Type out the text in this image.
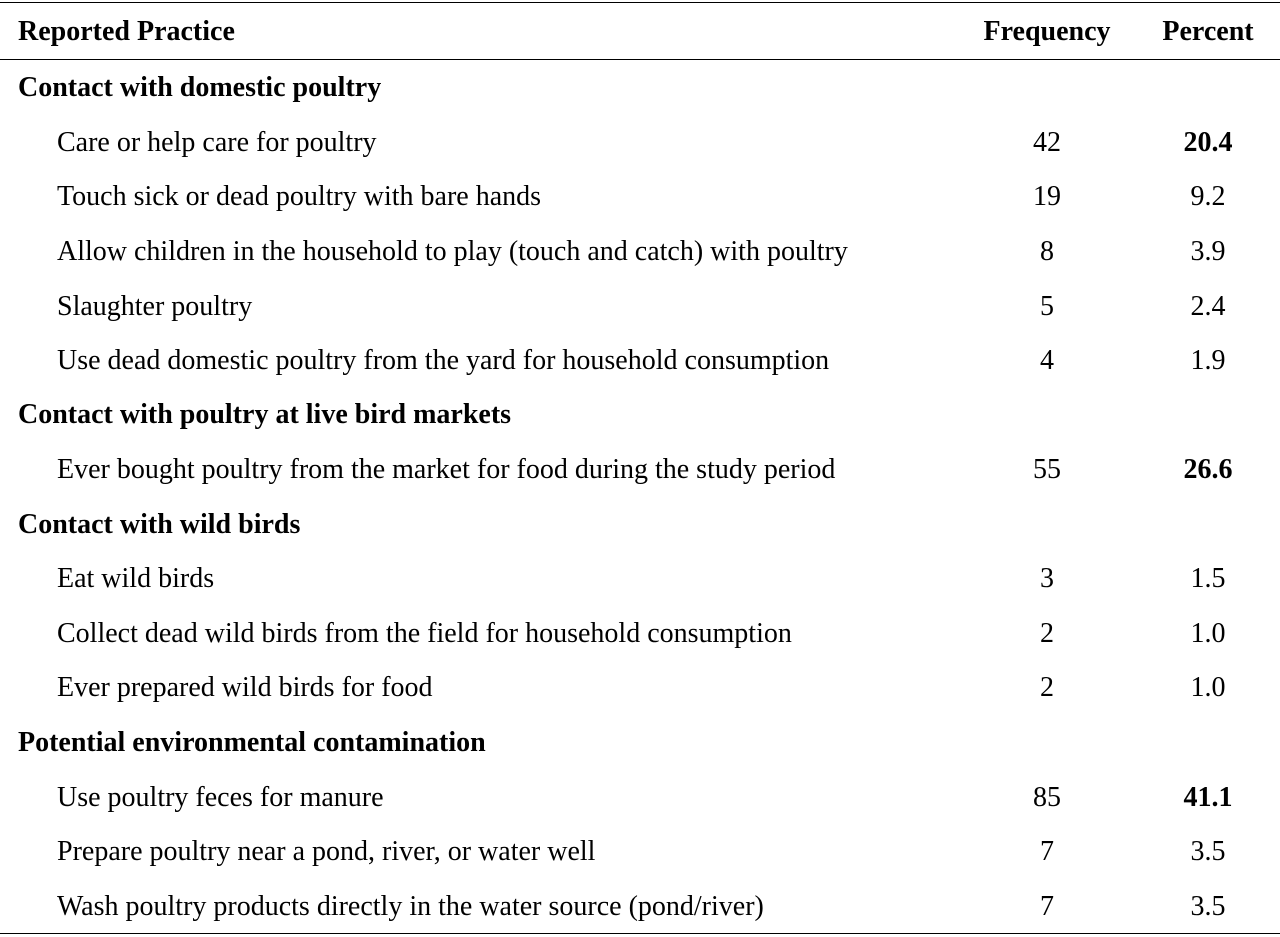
Reported Practice	Frequency	Percent
Contact with domestic poultry
Care or help care for poultry	42	20.4
Touch sick or dead poultry with bare hands	19	9.2
Allow children in the household to play (touch and catch) with poultry	8	3.9
Slaughter poultry	5	2.4
Use dead domestic poultry from the yard for household consumption	4	1.9
Contact with poultry at live bird markets
Ever bought poultry from the market for food during the study period	55	26.6
Contact with wild birds
Eat wild birds	3	1.5
Collect dead wild birds from the field for household consumption	2	1.0
Ever prepared wild birds for food	2	1.0
Potential environmental contamination
Use poultry feces for manure	85	41.1
Prepare poultry near a pond, river, or water well	7	3.5
Wash poultry products directly in the water source (pond/river)	7	3.5
